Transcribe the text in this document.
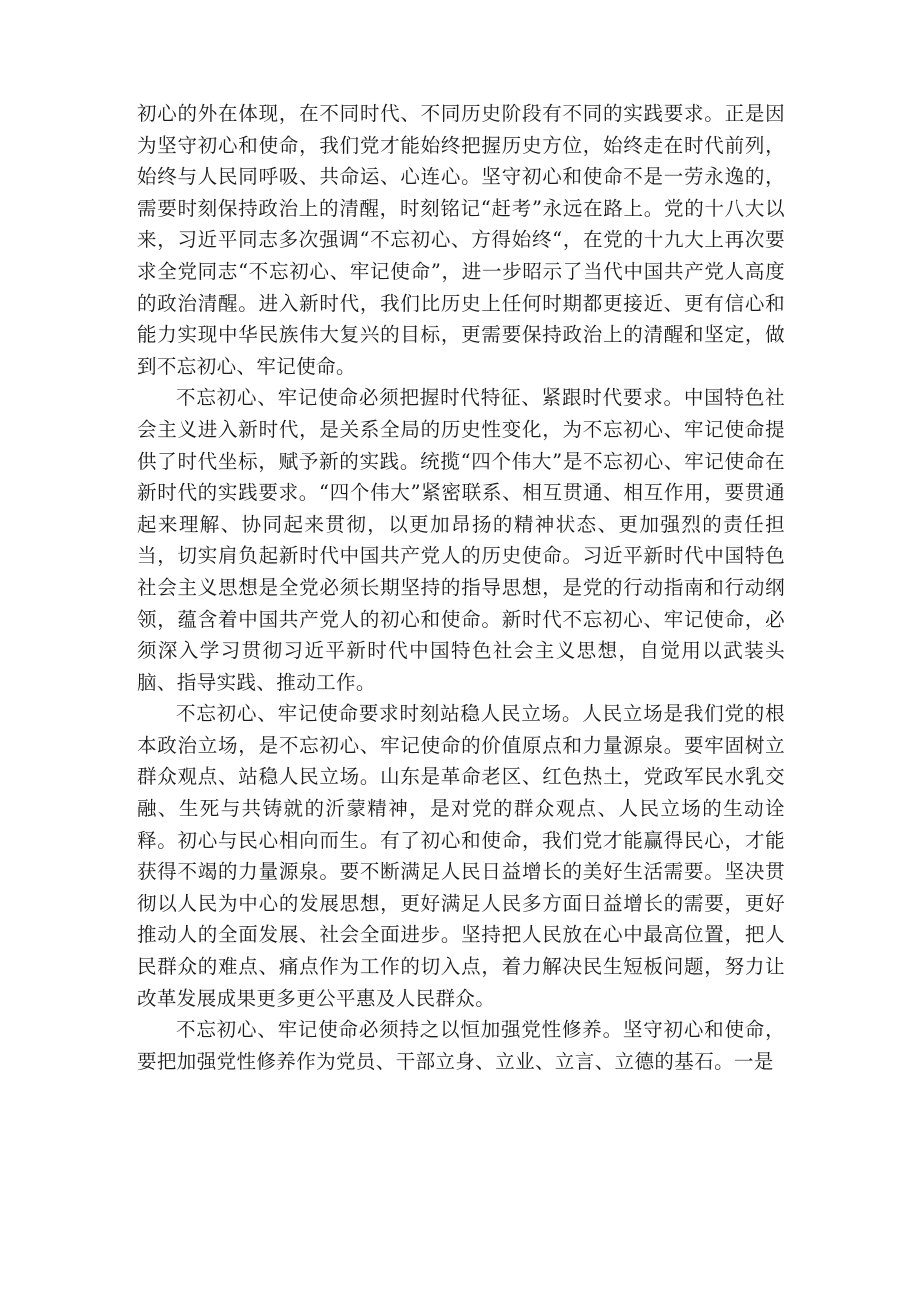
初心的外在体现，在不同时代、不同历史阶段有不同的实践要求。正是因为坚守初心和使命，我们党才能始终把握历史方位，始终走在时代前列，始终与人民同呼吸、共命运、心连心。坚守初心和使命不是一劳永逸的，需要时刻保持政治上的清醒，时刻铭记“赶考”永远在路上。党的十八大以来，习近平同志多次强调“不忘初心、方得始终“，在党的十九大上再次要求全党同志“不忘初心、牢记使命”，进一步昭示了当代中国共产党人高度的政治清醒。进入新时代，我们比历史上任何时期都更接近、更有信心和能力实现中华民族伟大复兴的目标，更需要保持政治上的清醒和坚定，做到不忘初心、牢记使命。

不忘初心、牢记使命必须把握时代特征、紧跟时代要求。中国特色社会主义进入新时代，是关系全局的历史性变化，为不忘初心、牢记使命提供了时代坐标，赋予新的实践。统揽“四个伟大”是不忘初心、牢记使命在新时代的实践要求。“四个伟大”紧密联系、相互贯通、相互作用，要贯通起来理解、协同起来贯彻，以更加昂扬的精神状态、更加强烈的责任担当，切实肩负起新时代中国共产党人的历史使命。习近平新时代中国特色社会主义思想是全党必须长期坚持的指导思想，是党的行动指南和行动纲领，蕴含着中国共产党人的初心和使命。新时代不忘初心、牢记使命，必须深入学习贯彻习近平新时代中国特色社会主义思想，自觉用以武装头脑、指导实践、推动工作。

不忘初心、牢记使命要求时刻站稳人民立场。人民立场是我们党的根本政治立场，是不忘初心、牢记使命的价值原点和力量源泉。要牢固树立群众观点、站稳人民立场。山东是革命老区、红色热土，党政军民水乳交融、生死与共铸就的沂蒙精神，是对党的群众观点、人民立场的生动诠释。初心与民心相向而生。有了初心和使命，我们党才能赢得民心，才能获得不竭的力量源泉。要不断满足人民日益增长的美好生活需要。坚决贯彻以人民为中心的发展思想，更好满足人民多方面日益增长的需要，更好推动人的全面发展、社会全面进步。坚持把人民放在心中最高位置，把人民群众的难点、痛点作为工作的切入点，着力解决民生短板问题，努力让改革发展成果更多更公平惠及人民群众。

不忘初心、牢记使命必须持之以恒加强党性修养。坚守初心和使命，要把加强党性修养作为党员、干部立身、立业、立言、立德的基石。一是
